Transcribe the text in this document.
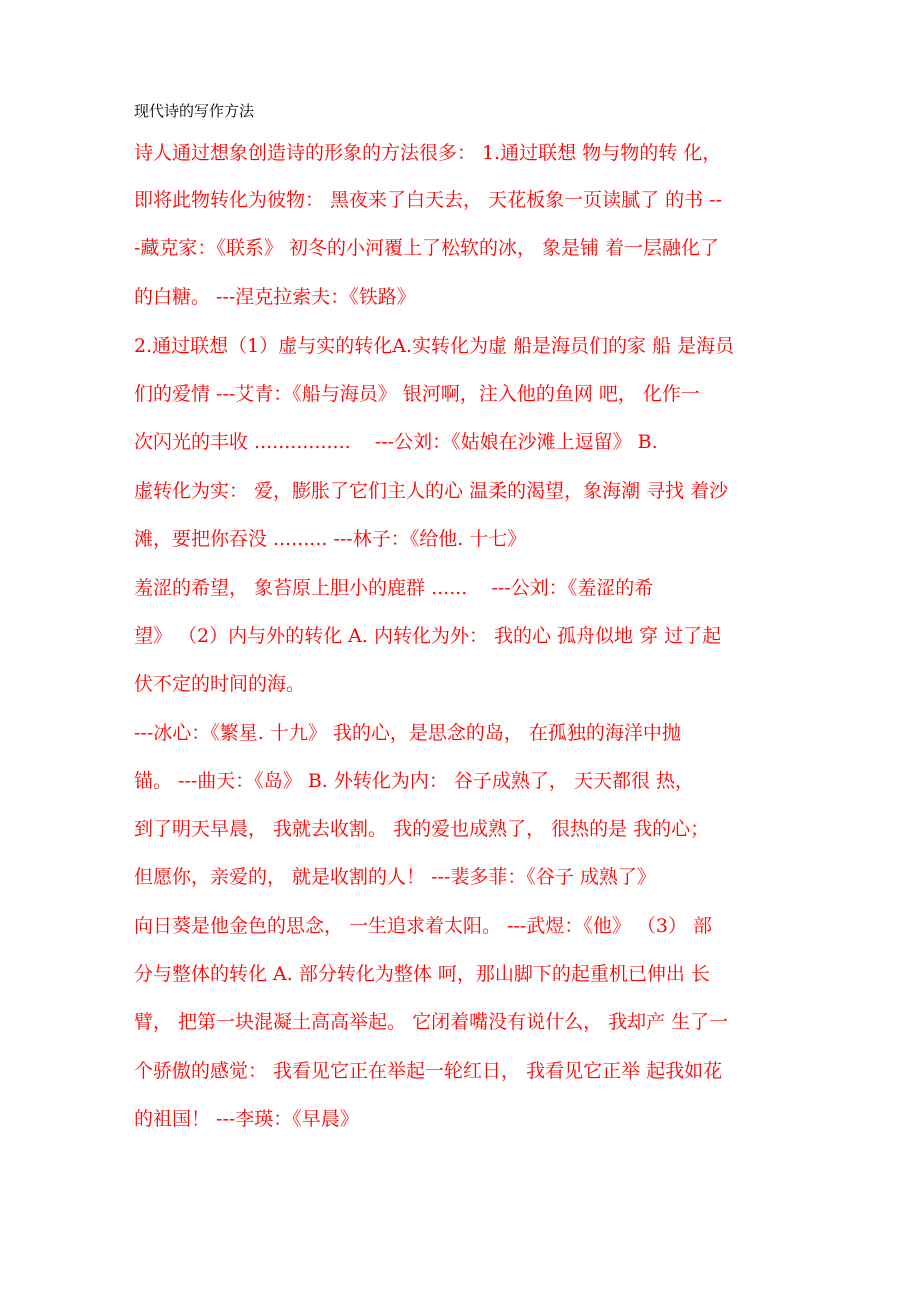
现代诗的写作方法
诗人通过想象创造诗的形象的方法很多： 1.通过联想 物与物的转 化，
即将此物转化为彼物： 黑夜来了白天去， 天花板象一页读腻了 的书 --
-藏克家：《联系》 初冬的小河覆上了松软的冰， 象是铺 着一层融化了
的白糖。 ---涅克拉索夫：《铁路》
2.通过联想（1）虚与实的转化A.实转化为虚 船是海员们的家 船 是海员
们的爱情 ---艾青：《船与海员》 银河啊，注入他的鱼网 吧， 化作一
次闪光的丰收 ................    ---公刘：《姑娘在沙滩上逗留》 B.
虚转化为实： 爱，膨胀了它们主人的心 温柔的渴望，象海潮 寻找 着沙
滩，要把你吞没 ......... ---林子：《给他. 十七》
羞涩的希望， 象苔原上胆小的鹿群 ......    ---公刘：《羞涩的希
望》 （2）内与外的转化 A. 内转化为外： 我的心 孤舟似地 穿 过了起
伏不定的时间的海。
---冰心：《繁星. 十九》 我的心，是思念的岛， 在孤独的海洋中抛
锚。 ---曲天：《岛》 B. 外转化为内： 谷子成熟了， 天天都很 热，
到了明天早晨， 我就去收割。 我的爱也成熟了， 很热的是 我的心；
但愿你，亲爱的， 就是收割的人！ ---裴多菲：《谷子 成熟了》
向日葵是他金色的思念， 一生追求着太阳。 ---武煜：《他》 （3） 部
分与整体的转化 A. 部分转化为整体 呵，那山脚下的起重机已伸出 长
臂， 把第一块混凝土高高举起。 它闭着嘴没有说什么， 我却产 生了一
个骄傲的感觉： 我看见它正在举起一轮红日， 我看见它正举 起我如花
的祖国！ ---李瑛：《早晨》
